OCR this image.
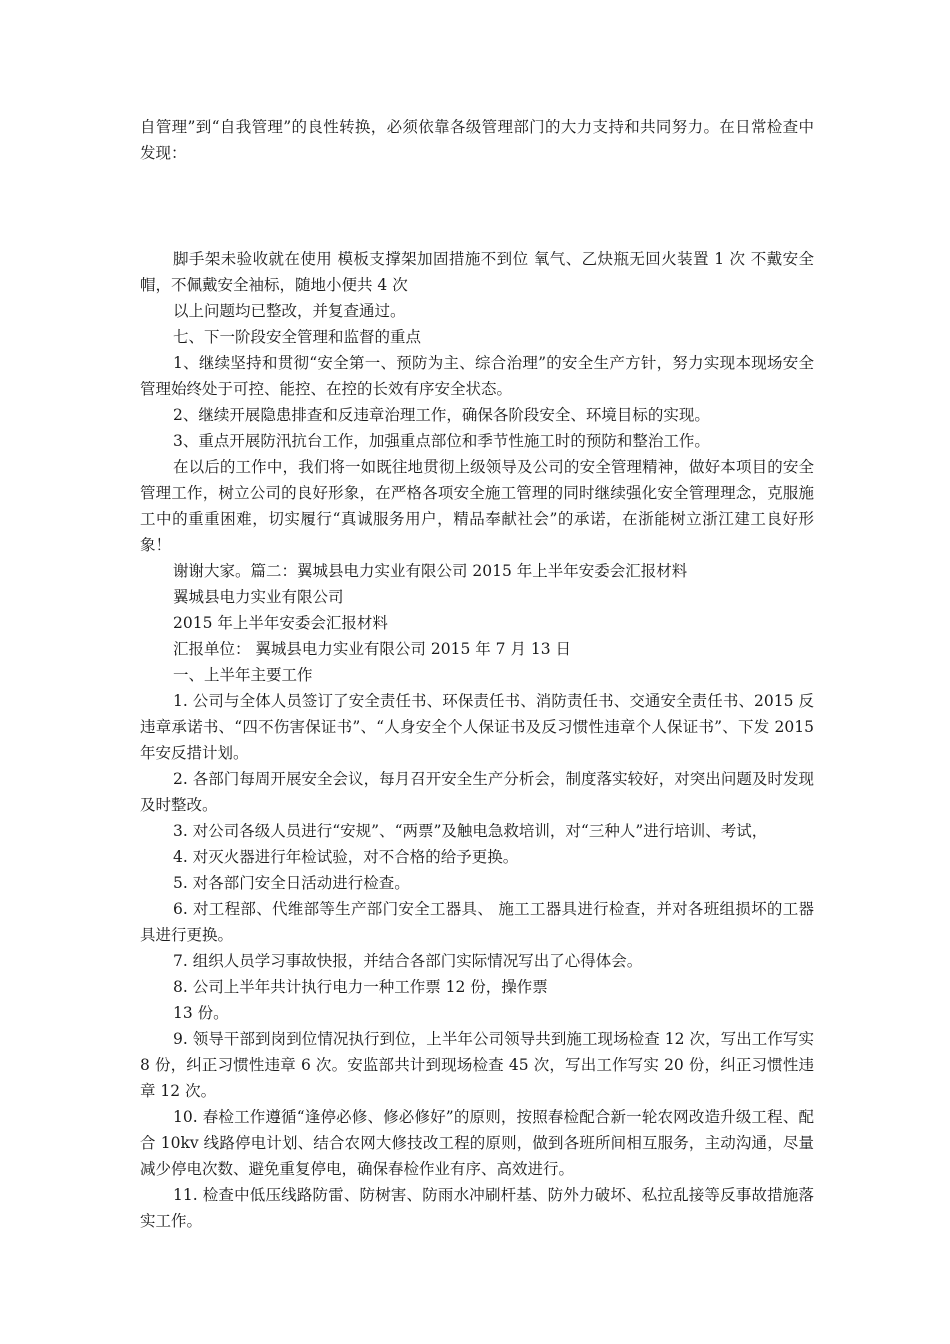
自管理”到“自我管理”的良性转换，必须依靠各级管理部门的大力支持和共同努力。在日常检查中发现：

脚手架未验收就在使用 模板支撑架加固措施不到位 氧气、乙炔瓶无回火装置 1 次 不戴安全帽，不佩戴安全袖标，随地小便共 4 次

以上问题均已整改，并复查通过。

七、下一阶段安全管理和监督的重点

1、继续坚持和贯彻“安全第一、预防为主、综合治理”的安全生产方针，努力实现本现场安全管理始终处于可控、能控、在控的长效有序安全状态。

2、继续开展隐患排查和反违章治理工作，确保各阶段安全、环境目标的实现。

3、重点开展防汛抗台工作，加强重点部位和季节性施工时的预防和整治工作。

在以后的工作中，我们将一如既往地贯彻上级领导及公司的安全管理精神，做好本项目的安全管理工作，树立公司的良好形象，在严格各项安全施工管理的同时继续强化安全管理理念，克服施工中的重重困难，切实履行“真诚服务用户，精品奉献社会”的承诺，在浙能树立浙江建工良好形象！

谢谢大家。篇二：翼城县电力实业有限公司 2015 年上半年安委会汇报材料

翼城县电力实业有限公司

2015 年上半年安委会汇报材料

汇报单位： 翼城县电力实业有限公司 2015 年 7 月 13 日

一、上半年主要工作

1. 公司与全体人员签订了安全责任书、环保责任书、消防责任书、交通安全责任书、2015 反违章承诺书、“四不伤害保证书”、“人身安全个人保证书及反习惯性违章个人保证书”、下发 2015 年安反措计划。

2. 各部门每周开展安全会议，每月召开安全生产分析会，制度落实较好，对突出问题及时发现及时整改。

3. 对公司各级人员进行“安规”、“两票”及触电急救培训，对“三种人”进行培训、考试，

4. 对灭火器进行年检试验，对不合格的给予更换。

5. 对各部门安全日活动进行检查。

6. 对工程部、代维部等生产部门安全工器具、 施工工器具进行检查，并对各班组损坏的工器具进行更换。

7. 组织人员学习事故快报，并结合各部门实际情况写出了心得体会。

8. 公司上半年共计执行电力一种工作票 12 份，操作票

13 份。

9. 领导干部到岗到位情况执行到位，上半年公司领导共到施工现场检查 12 次，写出工作写实 8 份，纠正习惯性违章 6 次。安监部共计到现场检查 45 次，写出工作写实 20 份，纠正习惯性违章 12 次。

10. 春检工作遵循“逢停必修、修必修好”的原则，按照春检配合新一轮农网改造升级工程、配合 10kv 线路停电计划、结合农网大修技改工程的原则，做到各班所间相互服务，主动沟通，尽量减少停电次数、避免重复停电，确保春检作业有序、高效进行。

11. 检查中低压线路防雷、防树害、防雨水冲刷杆基、防外力破坏、私拉乱接等反事故措施落实工作。
